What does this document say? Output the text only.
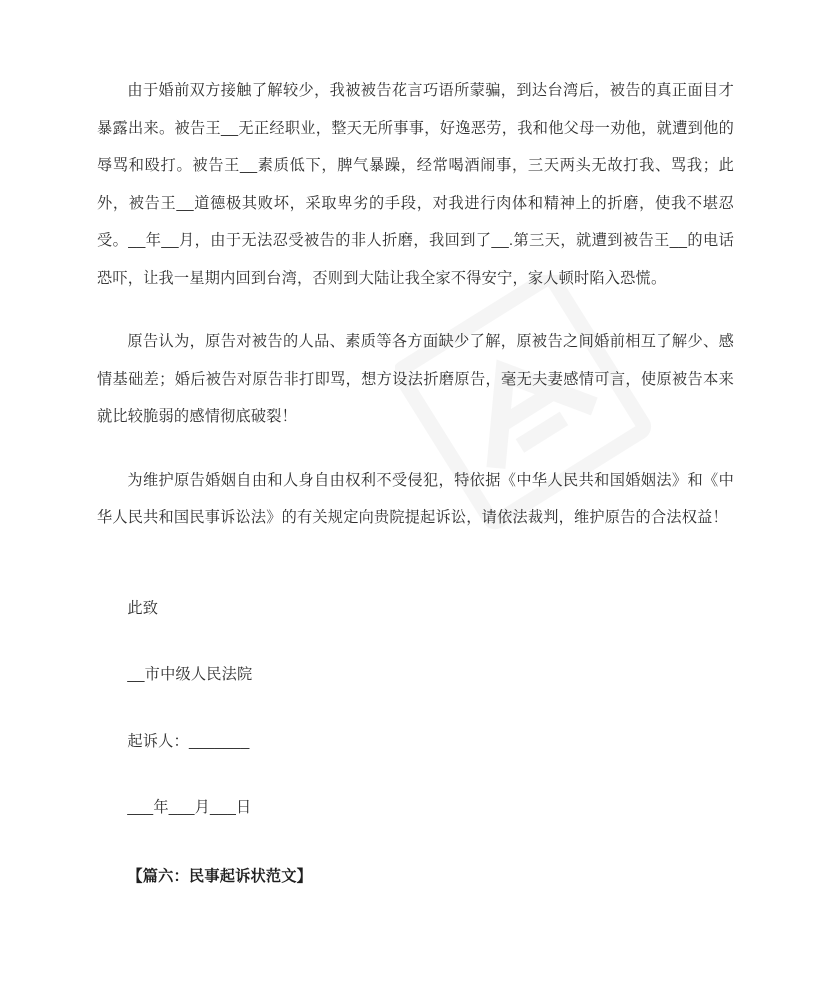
由于婚前双方接触了解较少，我被被告花言巧语所蒙骗，到达台湾后，被告的真正面目才暴露出来。被告王__无正经职业，整天无所事事，好逸恶劳，我和他父母一劝他，就遭到他的辱骂和殴打。被告王__素质低下，脾气暴躁，经常喝酒闹事，三天两头无故打我、骂我；此外，被告王__道德极其败坏，采取卑劣的手段，对我进行肉体和精神上的折磨，使我不堪忍受。__年__月，由于无法忍受被告的非人折磨，我回到了__.第三天，就遭到被告王__的电话恐吓，让我一星期内回到台湾，否则到大陆让我全家不得安宁，家人顿时陷入恐慌。

原告认为，原告对被告的人品、素质等各方面缺少了解，原被告之间婚前相互了解少、感情基础差；婚后被告对原告非打即骂，想方设法折磨原告，毫无夫妻感情可言，使原被告本来就比较脆弱的感情彻底破裂！

为维护原告婚姻自由和人身自由权利不受侵犯，特依据《中华人民共和国婚姻法》和《中华人民共和国民事诉讼法》的有关规定向贵院提起诉讼，请依法裁判，维护原告的合法权益！

此致

__市中级人民法院

起诉人：_______

___年___月___日

【篇六：民事起诉状范文】
